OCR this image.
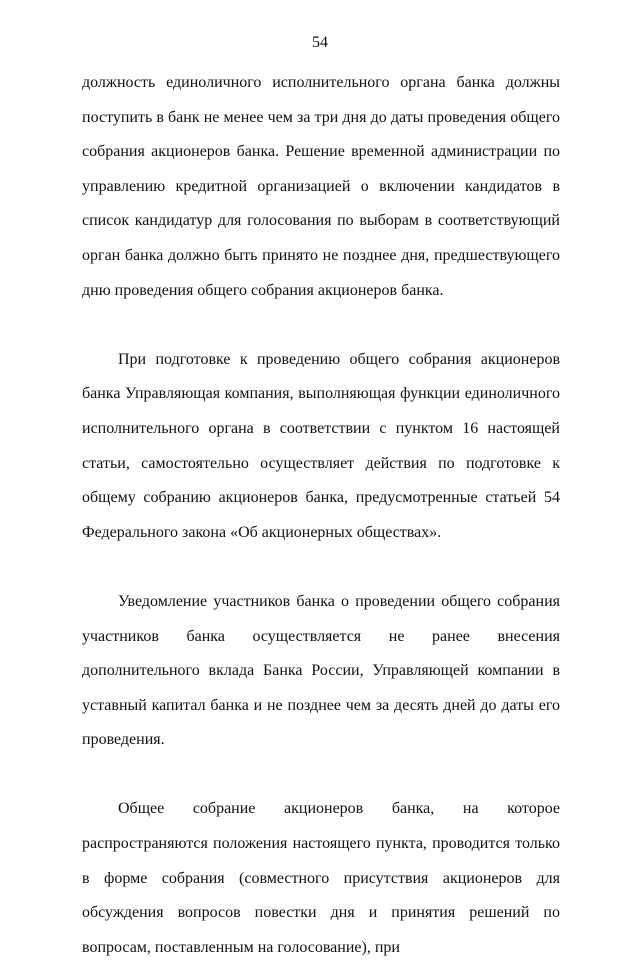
54

должность единоличного исполнительного органа банка должны поступить в банк не менее чем за три дня до даты проведения общего собрания акционеров банка. Решение временной администрации по управлению кредитной организацией о включении кандидатов в список кандидатур для голосования по выборам в соответствующий орган банка должно быть принято не позднее дня, предшествующего дню проведения общего собрания акционеров банка.

При подготовке к проведению общего собрания акционеров банка Управляющая компания, выполняющая функции единоличного исполнительного органа в соответствии с пунктом 16 настоящей статьи, самостоятельно осуществляет действия по подготовке к общему собранию акционеров банка, предусмотренные статьей 54 Федерального закона «Об акционерных обществах».

Уведомление участников банка о проведении общего собрания участников банка осуществляется не ранее внесения дополнительного вклада Банка России, Управляющей компании в уставный капитал банка и не позднее чем за десять дней до даты его проведения.

Общее собрание акционеров банка, на которое распространяются положения настоящего пункта, проводится только в форме собрания (совместного присутствия акционеров для обсуждения вопросов повестки дня и принятия решений по вопросам, поставленным на голосование), при
